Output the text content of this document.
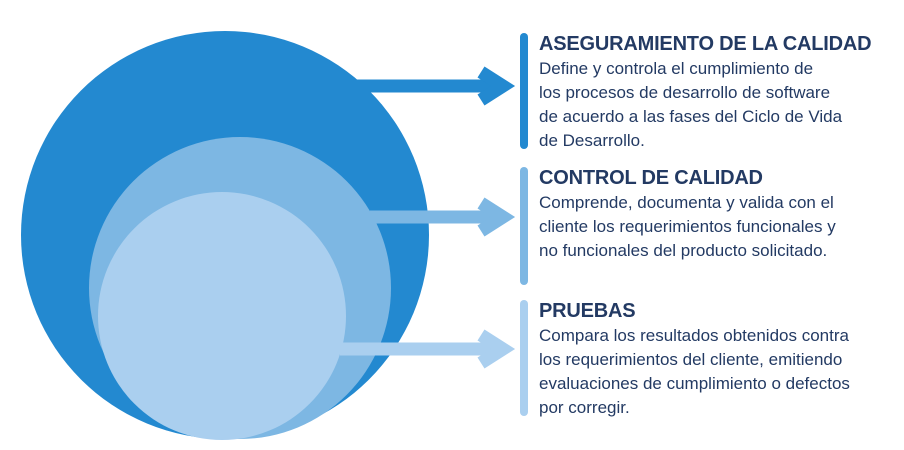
ASEGURAMIENTO DE LA CALIDAD
Define y controla el cumplimiento de
los procesos de desarrollo de software
de acuerdo a las fases del Ciclo de Vida
de Desarrollo.
CONTROL DE CALIDAD
Comprende, documenta y valida con el
cliente los requerimientos funcionales y
no funcionales del producto solicitado.
PRUEBAS
Compara los resultados obtenidos contra
los requerimientos del cliente, emitiendo
evaluaciones de cumplimiento o defectos
por corregir.
